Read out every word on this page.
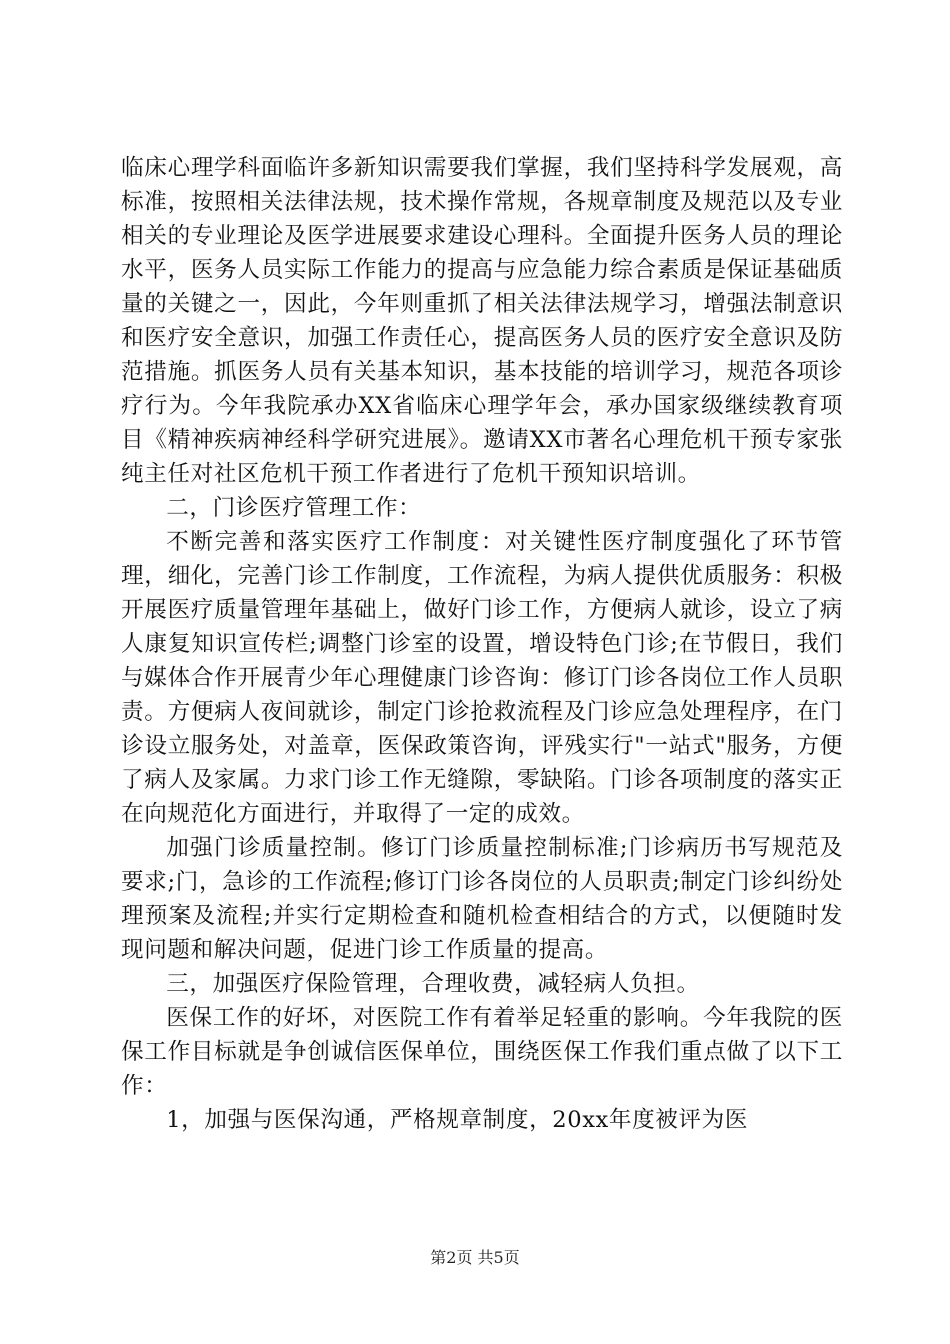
临床心理学科面临许多新知识需要我们掌握，我们坚持科学发展观，高标准，按照相关法律法规，技术操作常规，各规章制度及规范以及专业相关的专业理论及医学进展要求建设心理科。全面提升医务人员的理论水平，医务人员实际工作能力的提高与应急能力综合素质是保证基础质量的关键之一，因此，今年则重抓了相关法律法规学习，增强法制意识和医疗安全意识，加强工作责任心，提高医务人员的医疗安全意识及防范措施。抓医务人员有关基本知识，基本技能的培训学习，规范各项诊疗行为。今年我院承办XX省临床心理学年会，承办国家级继续教育项目《精神疾病神经科学研究进展》。邀请XX市著名心理危机干预专家张纯主任对社区危机干预工作者进行了危机干预知识培训。

二，门诊医疗管理工作：

不断完善和落实医疗工作制度：对关键性医疗制度强化了环节管理，细化，完善门诊工作制度，工作流程，为病人提供优质服务：积极开展医疗质量管理年基础上，做好门诊工作，方便病人就诊，设立了病人康复知识宣传栏;调整门诊室的设置，增设特色门诊;在节假日，我们与媒体合作开展青少年心理健康门诊咨询：修订门诊各岗位工作人员职责。方便病人夜间就诊，制定门诊抢救流程及门诊应急处理程序，在门诊设立服务处，对盖章，医保政策咨询，评残实行"一站式"服务，方便了病人及家属。力求门诊工作无缝隙，零缺陷。门诊各项制度的落实正在向规范化方面进行，并取得了一定的成效。

加强门诊质量控制。修订门诊质量控制标准;门诊病历书写规范及要求;门，急诊的工作流程;修订门诊各岗位的人员职责;制定门诊纠纷处理预案及流程;并实行定期检查和随机检查相结合的方式，以便随时发现问题和解决问题，促进门诊工作质量的提高。

三，加强医疗保险管理，合理收费，减轻病人负担。

医保工作的好坏，对医院工作有着举足轻重的影响。今年我院的医保工作目标就是争创诚信医保单位，围绕医保工作我们重点做了以下工作：

1，加强与医保沟通，严格规章制度，20xx年度被评为医

第2页 共5页
